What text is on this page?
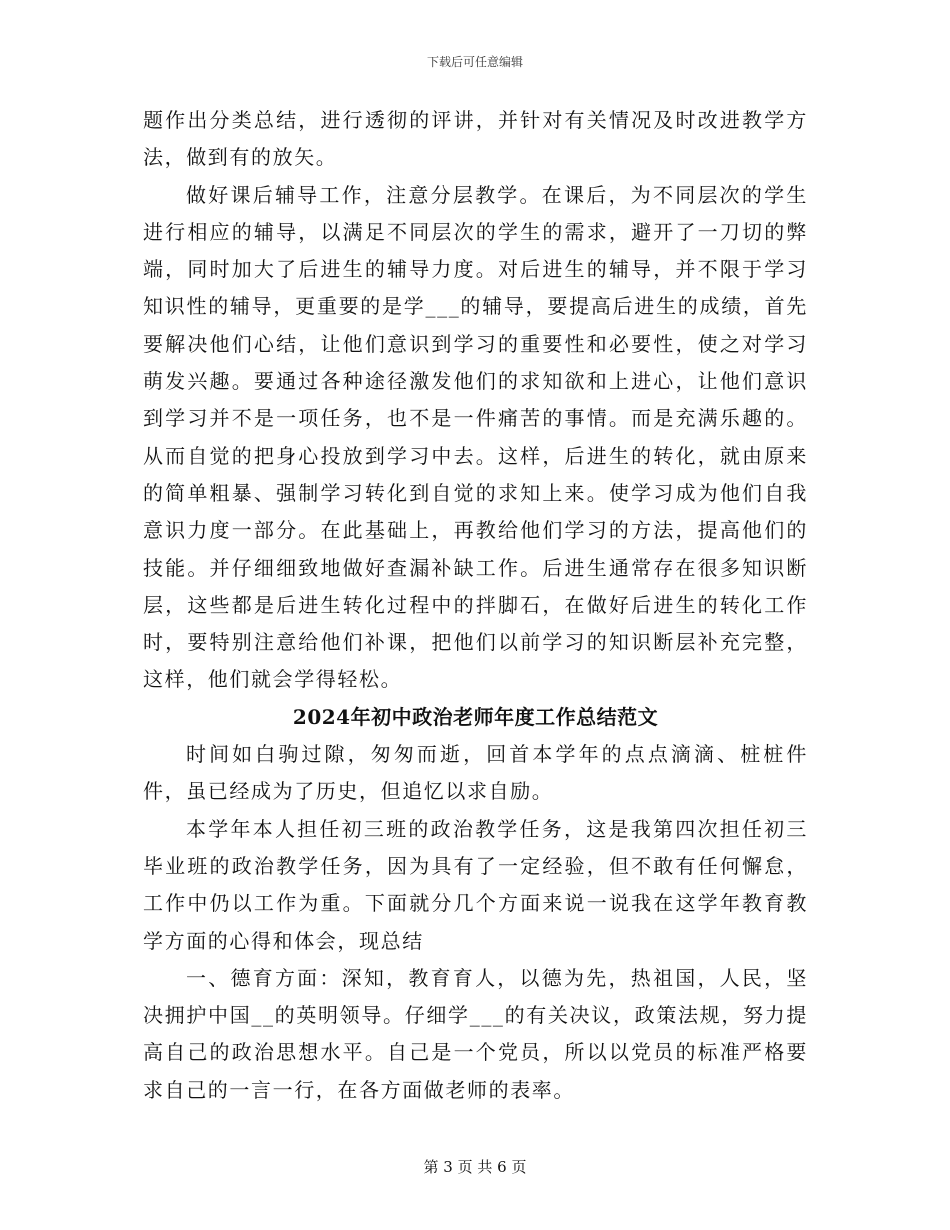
下载后可任意编辑

题作出分类总结，进行透彻的评讲，并针对有关情况及时改进教学方法，做到有的放矢。

做好课后辅导工作，注意分层教学。在课后，为不同层次的学生进行相应的辅导，以满足不同层次的学生的需求，避开了一刀切的弊端，同时加大了后进生的辅导力度。对后进生的辅导，并不限于学习知识性的辅导，更重要的是学___的辅导，要提高后进生的成绩，首先要解决他们心结，让他们意识到学习的重要性和必要性，使之对学习萌发兴趣。要通过各种途径激发他们的求知欲和上进心，让他们意识到学习并不是一项任务，也不是一件痛苦的事情。而是充满乐趣的。从而自觉的把身心投放到学习中去。这样，后进生的转化，就由原来的简单粗暴、强制学习转化到自觉的求知上来。使学习成为他们自我意识力度一部分。在此基础上，再教给他们学习的方法，提高他们的技能。并仔细细致地做好查漏补缺工作。后进生通常存在很多知识断层，这些都是后进生转化过程中的拌脚石，在做好后进生的转化工作时，要特别注意给他们补课，把他们以前学习的知识断层补充完整，这样，他们就会学得轻松。

2024年初中政治老师年度工作总结范文

时间如白驹过隙，匆匆而逝，回首本学年的点点滴滴、桩桩件件，虽已经成为了历史，但追忆以求自励。

本学年本人担任初三班的政治教学任务，这是我第四次担任初三毕业班的政治教学任务，因为具有了一定经验，但不敢有任何懈怠，工作中仍以工作为重。下面就分几个方面来说一说我在这学年教育教学方面的心得和体会，现总结

一、德育方面：深知，教育育人，以德为先，热祖国，人民，坚决拥护中国__的英明领导。仔细学___的有关决议，政策法规，努力提高自己的政治思想水平。自己是一个党员，所以以党员的标准严格要求自己的一言一行，在各方面做老师的表率。

第 3 页 共 6 页
